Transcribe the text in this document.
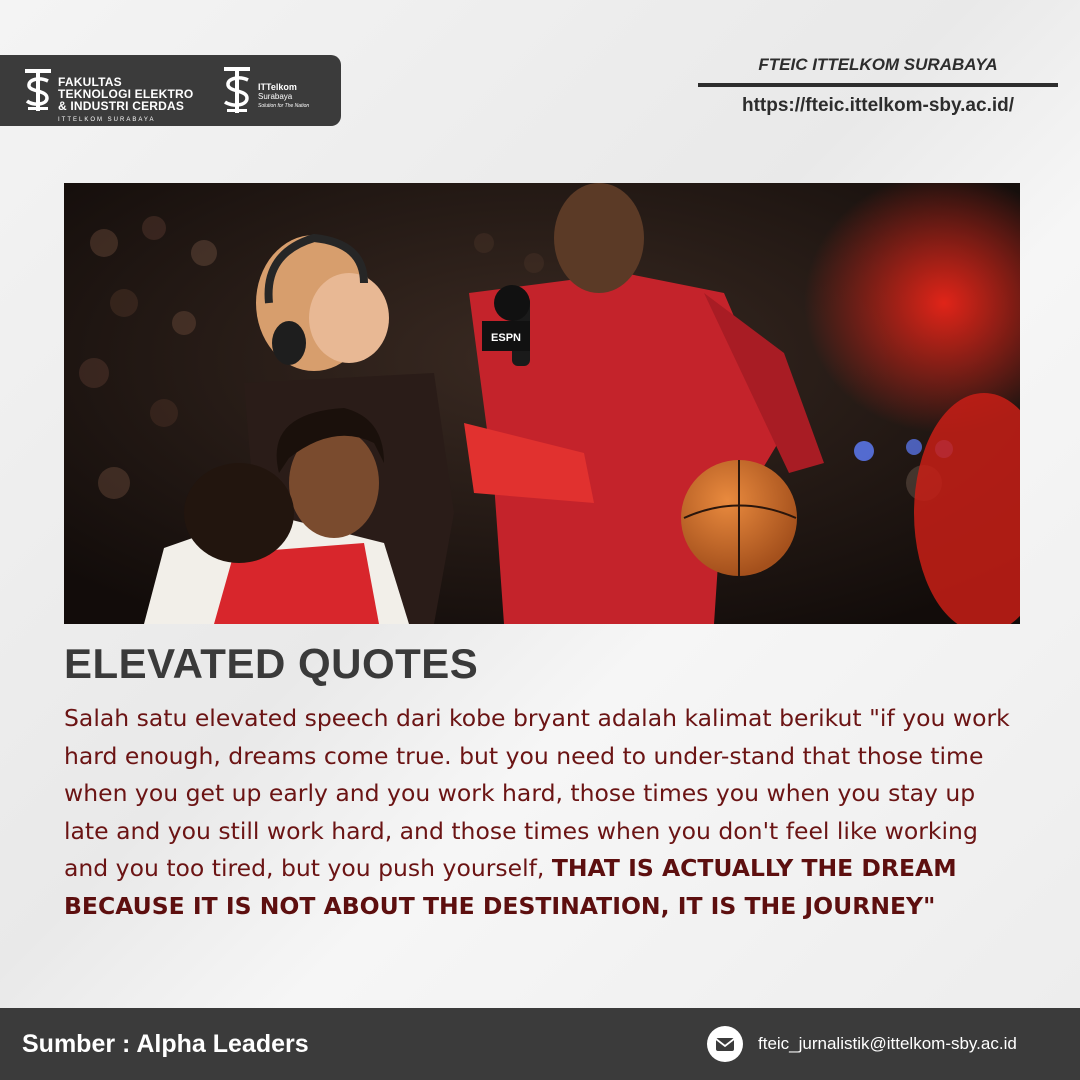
FAKULTAS
TEKNOLOGI ELEKTRO
& INDUSTRI CERDAS
ITTELKOM SURABAYA
ITTelkom
Surabaya
Solution for The Nation
FTEIC ITTELKOM SURABAYA
https://fteic.ittelkom-sby.ac.id/
ESPN
ELEVATED QUOTES
Salah satu elevated speech dari kobe bryant adalah kalimat berikut "if you work hard enough, dreams come true. but you need to under-stand that those time when you get up early and you work hard, those times you when you stay up late and you still work hard, and those times when you don't feel like working and you too tired, but you push yourself, THAT IS ACTUALLY THE DREAM BECAUSE IT IS NOT ABOUT THE DESTINATION, IT IS THE JOURNEY"
Sumber : Alpha Leaders	fteic_jurnalistik@ittelkom-sby.ac.id
